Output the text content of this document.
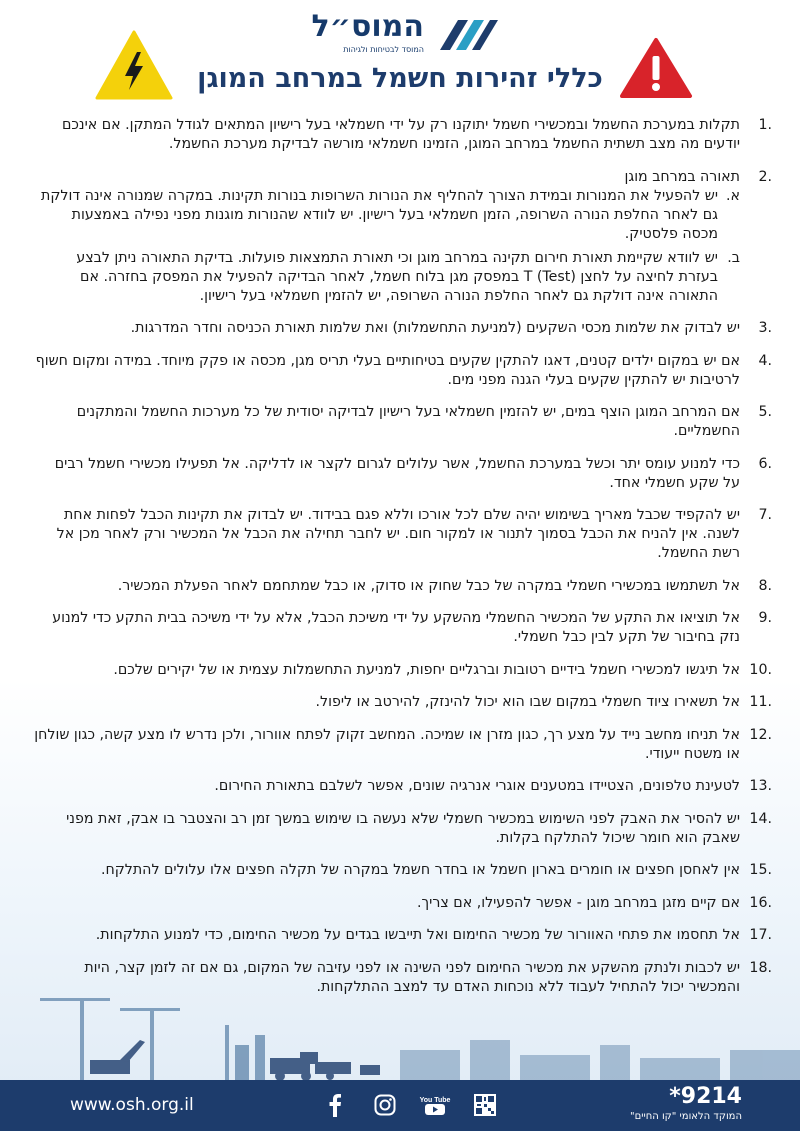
המוס״ל
המוסד לבטיחות ולגיהות
כללי זהירות חשמל במרחב המוגן
.1
תקלות במערכת החשמל ובמכשירי חשמל יתוקנו רק על ידי חשמלאי בעל רישיון המתאים לגודל המתקן. אם אינכם יודעים מה מצב תשתית החשמל במרחב המוגן, הזמינו חשמלאי מורשה לבדיקת מערכת החשמל.
.2
תאורה במרחב מוגן
א.
יש להפעיל את המנורות ובמידת הצורך להחליף את הנורות השרופות בנורות תקינות. במקרה שמנורה אינה דולקת גם לאחר החלפת הנורה השרופה, הזמן חשמלאי בעל רישיון. יש לוודא שהנורות מוגנות מפני נפילה באמצעות מכסה פלסטיק.
ב.
יש לוודא שקיימת תאורת חירום תקינה במרחב מוגן וכי תאורת התמצאות פועלות. בדיקת התאורה ניתן לבצע בעזרת לחיצה על לחצן T (Test) במפסק מגן בלוח חשמל, לאחר הבדיקה להפעיל את המפסק בחזרה. אם התאורה אינה דולקת גם לאחר החלפת הנורה השרופה, יש להזמין חשמלאי בעל רישיון.
.3
יש לבדוק את שלמות מכסי השקעים (למניעת התחשמלות) ואת שלמות תאורת הכניסה וחדר המדרגות.
.4
אם יש במקום ילדים קטנים, דאגו להתקין שקעים בטיחותיים בעלי תריס מגן, מכסה או פקק מיוחד. במידה ומקום חשוף לרטיבות יש להתקין שקעים בעלי הגנה מפני מים.
.5
אם המרחב המוגן הוצף במים, יש להזמין חשמלאי בעל רישיון לבדיקה יסודית של כל מערכות החשמל והמתקנים החשמליים.
.6
כדי למנוע עומס יתר וכשל במערכת החשמל, אשר עלולים לגרום לקצר או לדליקה. אל תפעילו מכשירי חשמל רבים על שקע חשמלי אחד.
.7
יש להקפיד שכבל מאריך בשימוש יהיה שלם לכל אורכו וללא פגם בבידוד. יש לבדוק את תקינות הכבל לפחות אחת לשנה. אין להניח את הכבל בסמוך לתנור או למקור חום. יש לחבר תחילה את הכבל אל המכשיר ורק לאחר מכן אל רשת החשמל.
.8
אל תשתמשו במכשירי חשמלי במקרה של כבל שחוק או סדוק, או כבל שמתחמם לאחר הפעלת המכשיר.
.9
אל תוציאו את התקע של המכשיר החשמלי מהשקע על ידי משיכת הכבל, אלא על ידי משיכה בבית התקע כדי למנוע נזק בחיבור של תקע לבין כבל חשמלי.
.10
אל תיגשו למכשירי חשמל בידיים רטובות וברגליים יחפות, למניעת התחשמלות עצמית או של יקירים שלכם.
.11
אל תשאירו ציוד חשמלי במקום שבו הוא יכול להינזק, להירטב או ליפול.
.12
אל תניחו מחשב נייד על מצע רך, כגון מזרן או שמיכה. המחשב זקוק לפתח אוורור, ולכן נדרש לו מצע קשה, כגון שולחן או משטח ייעודי.
.13
לטעינת טלפונים, הצטיידו במטענים אוגרי אנרגיה שונים, אפשר לשלבם בתאורת החירום.
.14
יש להסיר את האבק לפני השימוש במכשיר חשמלי שלא נעשה בו שימוש במשך זמן רב והצטבר בו אבק, זאת מפני שאבק הוא חומר שיכול להתלקח בקלות.
.15
אין לאחסן חפצים או חומרים בארון חשמל או בחדר חשמל במקרה של תקלה חפצים אלו עלולים להתלקח.
.16
אם קיים מזגן במרחב מוגן - אפשר להפעילו, אם צריך.
.17
אל תחסמו את פתחי האוורור של מכשיר החימום ואל תייבשו בגדים על מכשיר החימום, כדי למנוע התלקחות.
.18
יש לכבות ולנתק מהשקע את מכשיר החימום לפני השינה או לפני עזיבה של המקום, גם אם זה לזמן קצר, היות והמכשיר יכול להתחיל לעבוד ללא נוכחות האדם עד למצב ההתלקחות.
www.osh.org.il	You Tube	*9214
המוקד הלאומי "קו החיים"
